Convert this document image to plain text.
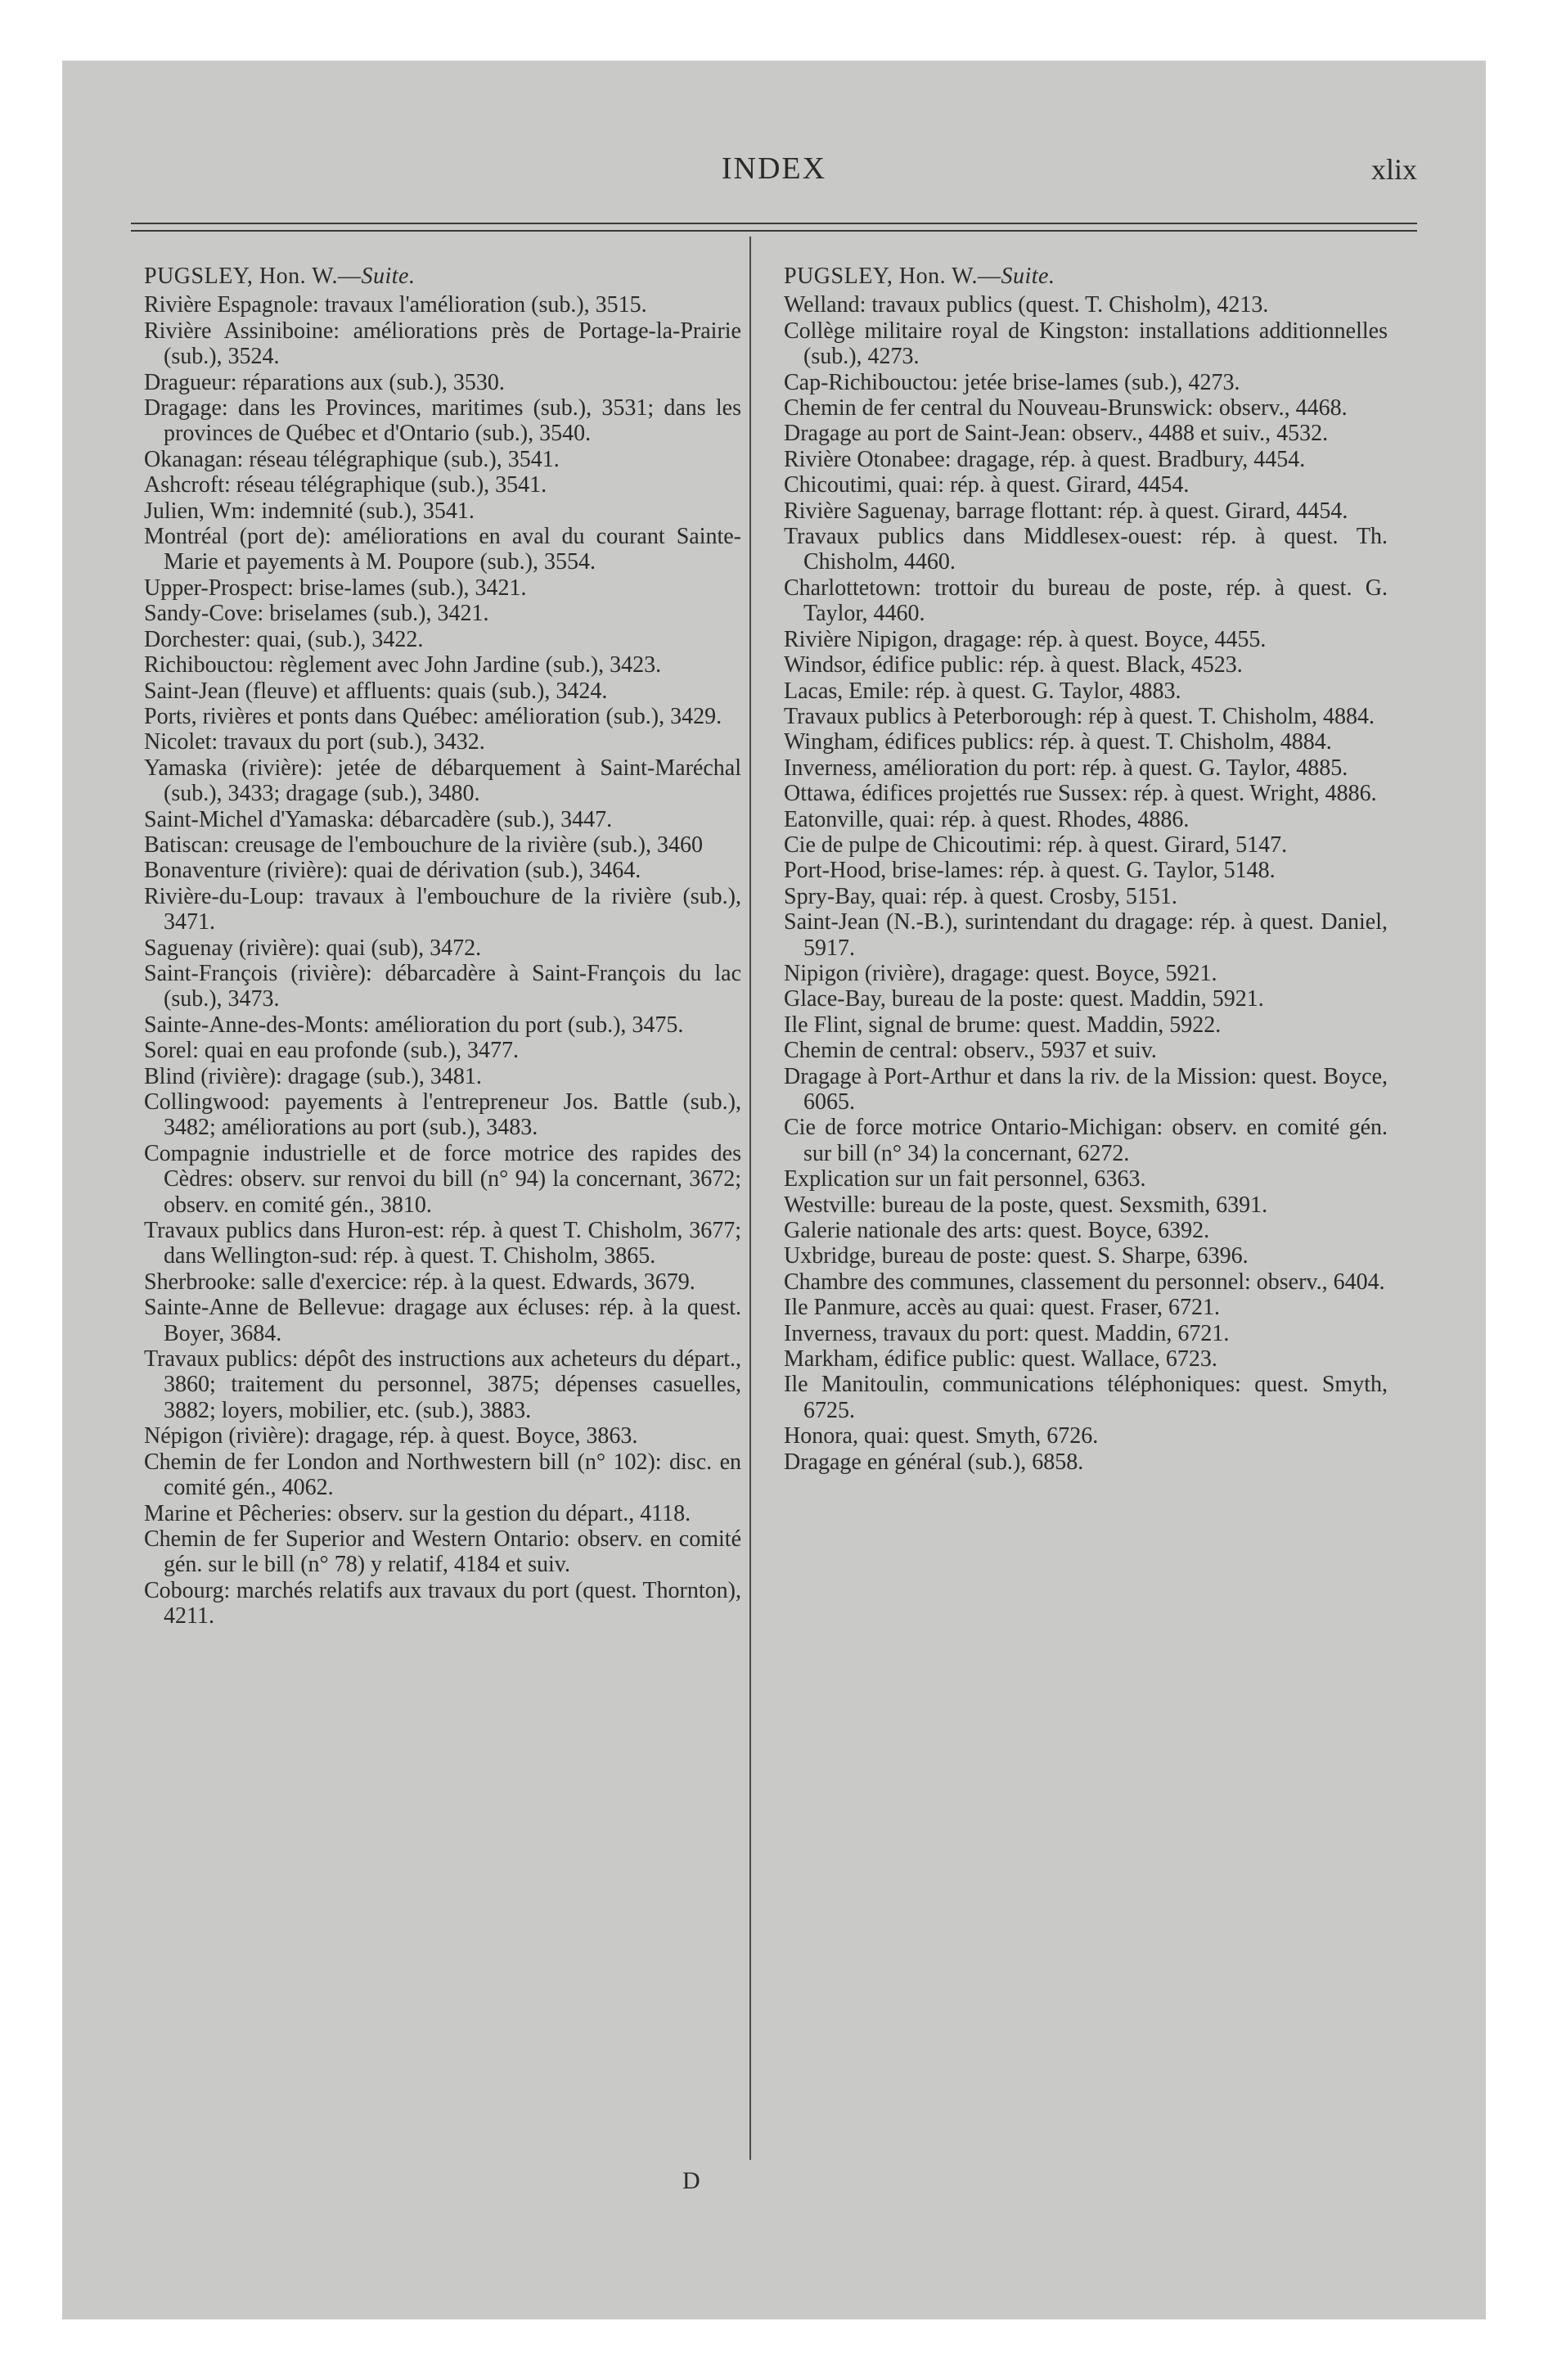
INDEX	xlix

PUGSLEY, Hon. W.—Suite.

Rivière Espagnole: travaux l'amélioration (sub.), 3515.

Rivière Assiniboine: améliorations près de Portage-la-Prairie (sub.), 3524.

Dragueur: réparations aux (sub.), 3530.

Dragage: dans les Provinces, maritimes (sub.), 3531; dans les provinces de Québec et d'Ontario (sub.), 3540.

Okanagan: réseau télégraphique (sub.), 3541.

Ashcroft: réseau télégraphique (sub.), 3541.

Julien, Wm: indemnité (sub.), 3541.

Montréal (port de): améliorations en aval du courant Sainte-Marie et payements à M. Poupore (sub.), 3554.

Upper-Prospect: brise-lames (sub.), 3421.

Sandy-Cove: briselames (sub.), 3421.

Dorchester: quai, (sub.), 3422.

Richibouctou: règlement avec John Jardine (sub.), 3423.

Saint-Jean (fleuve) et affluents: quais (sub.), 3424.

Ports, rivières et ponts dans Québec: amélioration (sub.), 3429.

Nicolet: travaux du port (sub.), 3432.

Yamaska (rivière): jetée de débarquement à Saint-Maréchal (sub.), 3433; dragage (sub.), 3480.

Saint-Michel d'Yamaska: débarcadère (sub.), 3447.

Batiscan: creusage de l'embouchure de la rivière (sub.), 3460

Bonaventure (rivière): quai de dérivation (sub.), 3464.

Rivière-du-Loup: travaux à l'embouchure de la rivière (sub.), 3471.

Saguenay (rivière): quai (sub), 3472.

Saint-François (rivière): débarcadère à Saint-François du lac (sub.), 3473.

Sainte-Anne-des-Monts: amélioration du port (sub.), 3475.

Sorel: quai en eau profonde (sub.), 3477.

Blind (rivière): dragage (sub.), 3481.

Collingwood: payements à l'entrepreneur Jos. Battle (sub.), 3482; améliorations au port (sub.), 3483.

Compagnie industrielle et de force motrice des rapides des Cèdres: observ. sur renvoi du bill (n° 94) la concernant, 3672; observ. en comité gén., 3810.

Travaux publics dans Huron-est: rép. à quest T. Chisholm, 3677; dans Wellington-sud: rép. à quest. T. Chisholm, 3865.

Sherbrooke: salle d'exercice: rép. à la quest. Edwards, 3679.

Sainte-Anne de Bellevue: dragage aux écluses: rép. à la quest. Boyer, 3684.

Travaux publics: dépôt des instructions aux acheteurs du départ., 3860; traitement du personnel, 3875; dépenses casuelles, 3882; loyers, mobilier, etc. (sub.), 3883.

Népigon (rivière): dragage, rép. à quest. Boyce, 3863.

Chemin de fer London and Northwestern bill (n° 102): disc. en comité gén., 4062.

Marine et Pêcheries: observ. sur la gestion du départ., 4118.

Chemin de fer Superior and Western Ontario: observ. en comité gén. sur le bill (n° 78) y relatif, 4184 et suiv.

Cobourg: marchés relatifs aux travaux du port (quest. Thornton), 4211.

PUGSLEY, Hon. W.—Suite.

Welland: travaux publics (quest. T. Chisholm), 4213.

Collège militaire royal de Kingston: installations additionnelles (sub.), 4273.

Cap-Richibouctou: jetée brise-lames (sub.), 4273.

Chemin de fer central du Nouveau-Brunswick: observ., 4468.

Dragage au port de Saint-Jean: observ., 4488 et suiv., 4532.

Rivière Otonabee: dragage, rép. à quest. Bradbury, 4454.

Chicoutimi, quai: rép. à quest. Girard, 4454.

Rivière Saguenay, barrage flottant: rép. à quest. Girard, 4454.

Travaux publics dans Middlesex-ouest: rép. à quest. Th. Chisholm, 4460.

Charlottetown: trottoir du bureau de poste, rép. à quest. G. Taylor, 4460.

Rivière Nipigon, dragage: rép. à quest. Boyce, 4455.

Windsor, édifice public: rép. à quest. Black, 4523.

Lacas, Emile: rép. à quest. G. Taylor, 4883.

Travaux publics à Peterborough: rép à quest. T. Chisholm, 4884.

Wingham, édifices publics: rép. à quest. T. Chisholm, 4884.

Inverness, amélioration du port: rép. à quest. G. Taylor, 4885.

Ottawa, édifices projettés rue Sussex: rép. à quest. Wright, 4886.

Eatonville, quai: rép. à quest. Rhodes, 4886.

Cie de pulpe de Chicoutimi: rép. à quest. Girard, 5147.

Port-Hood, brise-lames: rép. à quest. G. Taylor, 5148.

Spry-Bay, quai: rép. à quest. Crosby, 5151.

Saint-Jean (N.-B.), surintendant du dragage: rép. à quest. Daniel, 5917.

Nipigon (rivière), dragage: quest. Boyce, 5921.

Glace-Bay, bureau de la poste: quest. Maddin, 5921.

Ile Flint, signal de brume: quest. Maddin, 5922.

Chemin de central: observ., 5937 et suiv.

Dragage à Port-Arthur et dans la riv. de la Mission: quest. Boyce, 6065.

Cie de force motrice Ontario-Michigan: observ. en comité gén. sur bill (n° 34) la concernant, 6272.

Explication sur un fait personnel, 6363.

Westville: bureau de la poste, quest. Sexsmith, 6391.

Galerie nationale des arts: quest. Boyce, 6392.

Uxbridge, bureau de poste: quest. S. Sharpe, 6396.

Chambre des communes, classement du personnel: observ., 6404.

Ile Panmure, accès au quai: quest. Fraser, 6721.

Inverness, travaux du port: quest. Maddin, 6721.

Markham, édifice public: quest. Wallace, 6723.

Ile Manitoulin, communications téléphoniques: quest. Smyth, 6725.

Honora, quai: quest. Smyth, 6726.

Dragage en général (sub.), 6858.

D
